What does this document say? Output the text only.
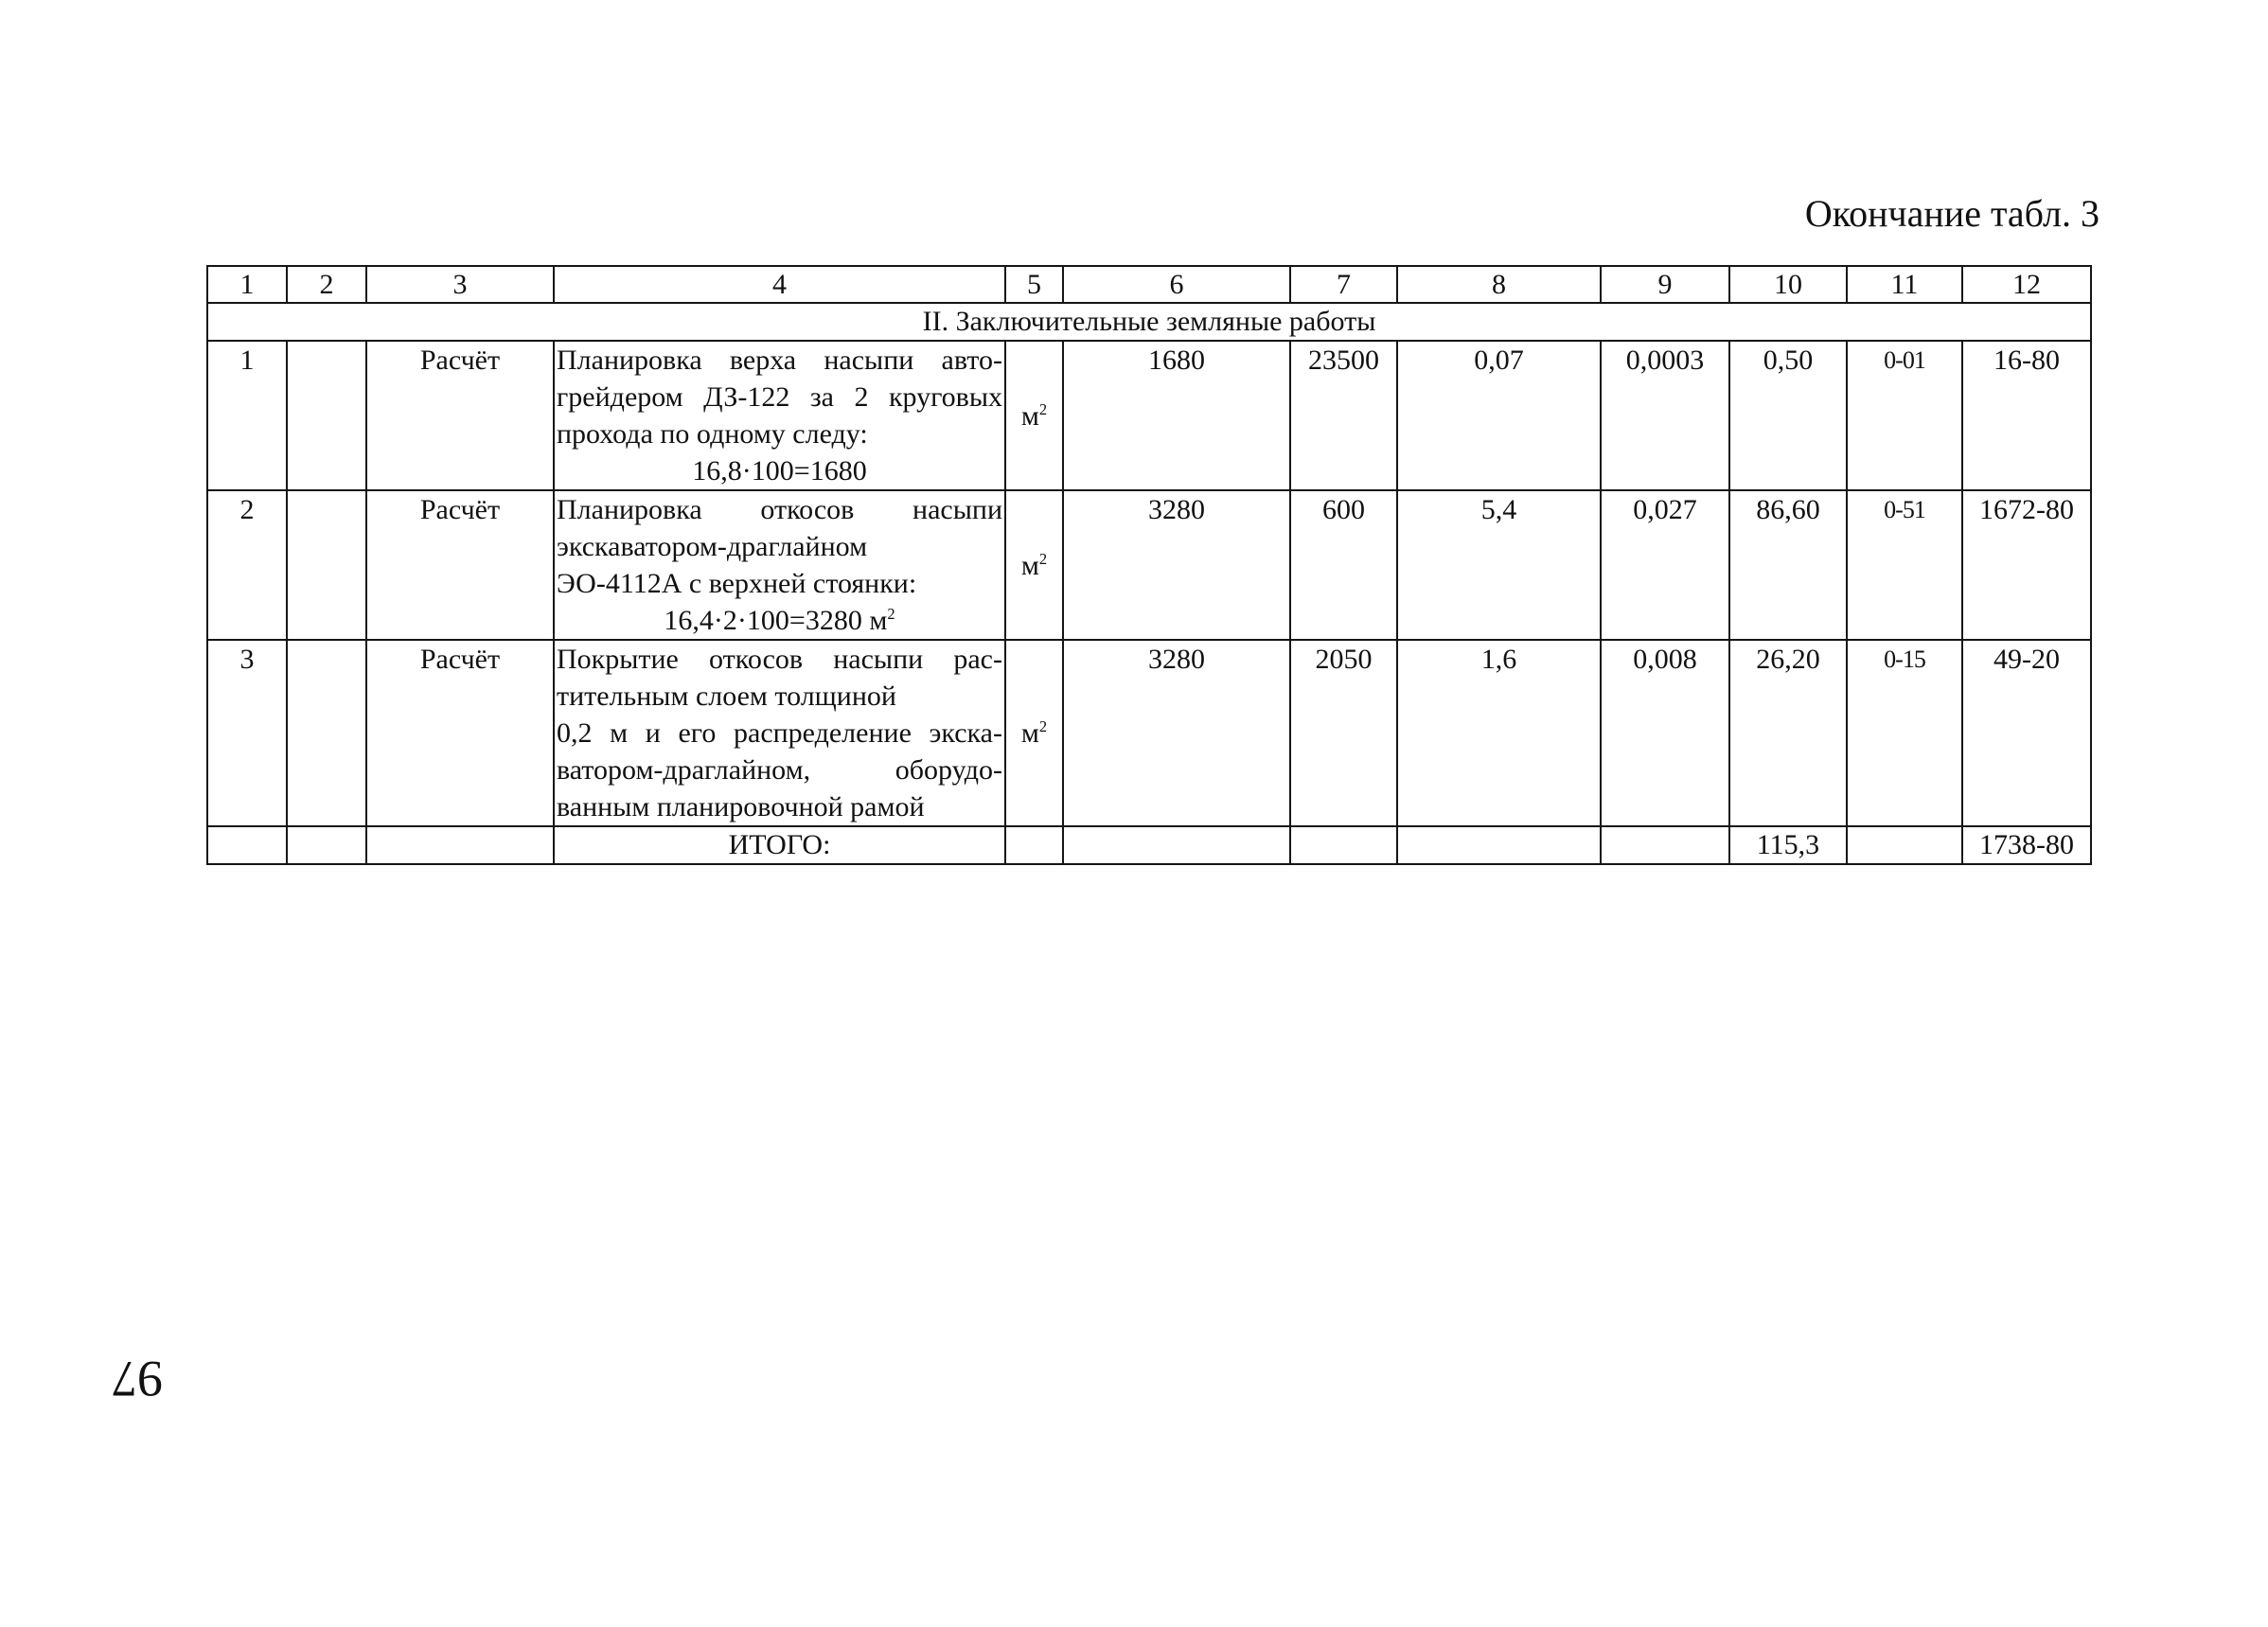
Окончание табл. 3
1	2	3	4	5	6	7	8	9	10	11	12
II. Заключительные земляные работы											
1		Расчёт	Планировка верха насыпи авто-
грейдером ДЗ-122 за 2 круговых
прохода по одному следу:
16,8·100=1680	$м^2$	1680	23500	0,07	0,0003	0,50	0-01	16-80
2		Расчёт	Планировка откосов насыпи
экскаватором-драглайном
ЭО-4112А с верхней стоянки:
16,4·2·100=3280 $м^2$	$м^2$	3280	600	5,4	0,027	86,60	0-51	1672-80
3		Расчёт	Покрытие откосов насыпи рас-
тительным слоем толщиной
0,2 м и его распределение экска-
ватором-драглайном, оборудо-
ванным планировочной рамой	$м^2$	3280	2050	1,6	0,008	26,20	0-15	49-20
			ИТОГО:						115,3		1738-80
97
